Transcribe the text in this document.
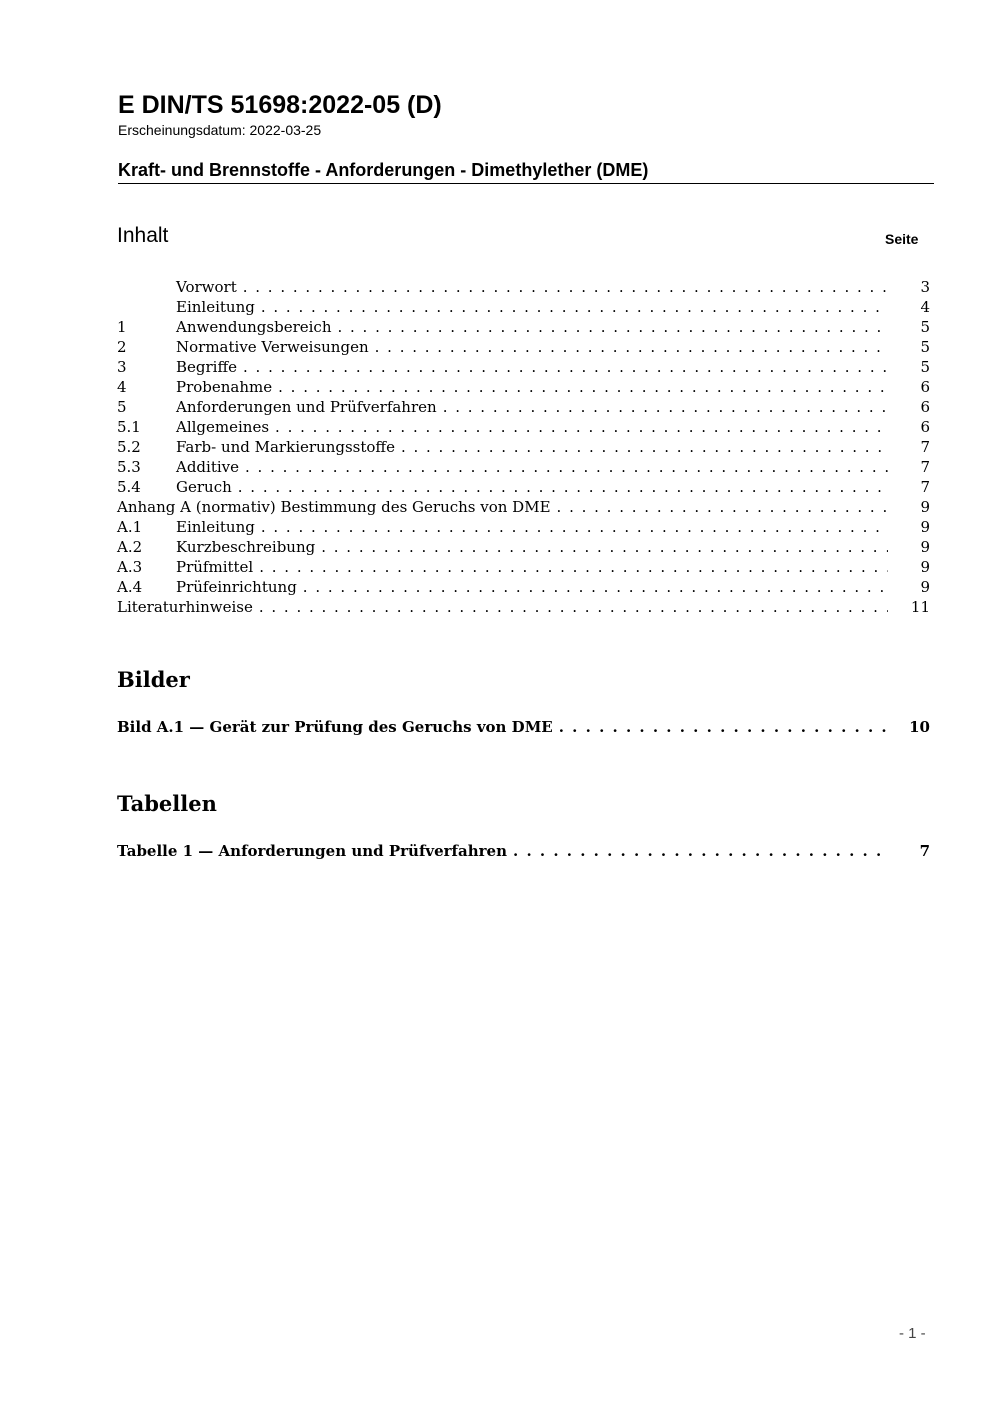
E DIN/TS 51698:2022-05 (D)
Erscheinungsdatum: 2022-03-25
Kraft- und Brennstoffe - Anforderungen - Dimethylether (DME)
Inhalt	Seite
Vorwort . . .	3
Einleitung . . .	4
1	Anwendungsbereich . . .	5
2	Normative Verweisungen . . .	5
3	Begriffe . . .	5
4	Probenahme . . .	6
5	Anforderungen und Prüfverfahren . . .	6
5.1	Allgemeines . . .	6
5.2	Farb- und Markierungsstoffe . . .	7
5.3	Additive . . .	7
5.4	Geruch . . .	7
Anhang A (normativ) Bestimmung des Geruchs von DME . . .	9
A.1	Einleitung . . .	9
A.2	Kurzbeschreibung . . .	9
A.3	Prüfmittel . . .	9
A.4	Prüfeinrichtung . . .	9
Literaturhinweise . . .	11
Bilder
Bild A.1 — Gerät zur Prüfung des Geruchs von DME . . .	10
Tabellen
Tabelle 1 — Anforderungen und Prüfverfahren . . .	7
- 1 -
